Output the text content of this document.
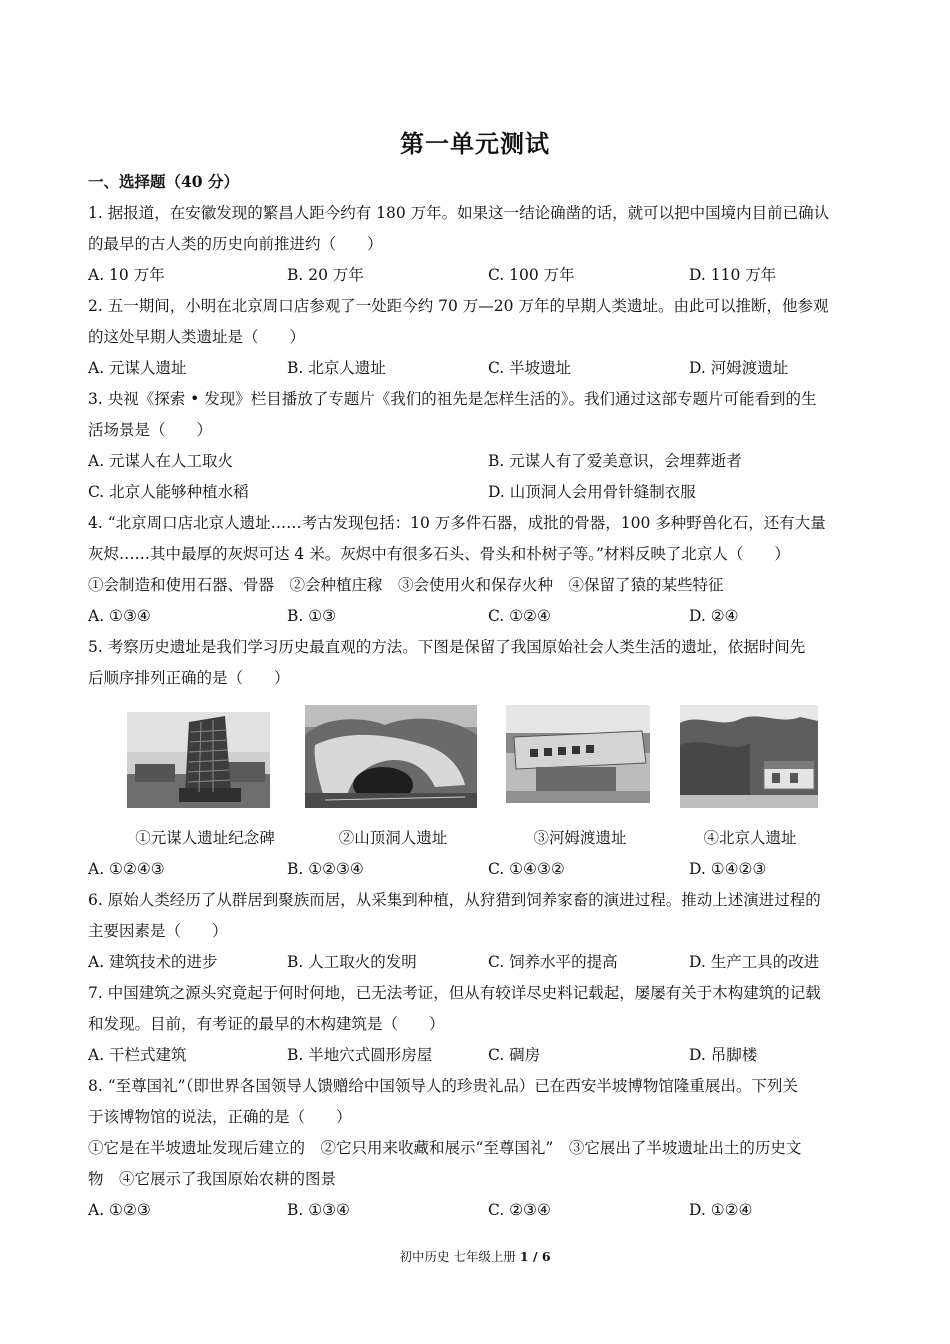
第一单元测试
一、选择题（40 分）
1. 据报道，在安徽发现的繁昌人距今约有 180 万年。如果这一结论确凿的话，就可以把中国境内目前已确认
的最早的古人类的历史向前推进约（　　）
A. 10 万年	B. 20 万年	C. 100 万年	D. 110 万年
2. 五一期间，小明在北京周口店参观了一处距今约 70 万—20 万年的早期人类遗址。由此可以推断，他参观
的这处早期人类遗址是（　　）
A. 元谋人遗址	B. 北京人遗址	C. 半坡遗址	D. 河姆渡遗址
3. 央视《探索 • 发现》栏目播放了专题片《我们的祖先是怎样生活的》。我们通过这部专题片可能看到的生
活场景是（　　）
A. 元谋人在人工取火	B. 元谋人有了爱美意识，会埋葬逝者
C. 北京人能够种植水稻	D. 山顶洞人会用骨针缝制衣服
4. “北京周口店北京人遗址……考古发现包括：10 万多件石器，成批的骨器，100 多种野兽化石，还有大量
灰烬……其中最厚的灰烬可达 4 米。灰烬中有很多石头、骨头和朴树子等。”材料反映了北京人（　　）
①会制造和使用石器、骨器　②会种植庄稼　③会使用火和保存火种　④保留了猿的某些特征
A. ①③④	B. ①③	C. ①②④	D. ②④
5. 考察历史遗址是我们学习历史最直观的方法。下图是保留了我国原始社会人类生活的遗址，依据时间先
后顺序排列正确的是（　　）
①元谋人遗址纪念碑	②山顶洞人遗址	③河姆渡遗址	④北京人遗址
A. ①②④③	B. ①②③④	C. ①④③②	D. ①④②③
6. 原始人类经历了从群居到聚族而居，从采集到种植，从狩猎到饲养家畜的演进过程。推动上述演进过程的
主要因素是（　　）
A. 建筑技术的进步	B. 人工取火的发明	C. 饲养水平的提高	D. 生产工具的改进
7. 中国建筑之源头究竟起于何时何地，已无法考证，但从有较详尽史料记载起，屡屡有关于木构建筑的记载
和发现。目前，有考证的最早的木构建筑是（　　）
A. 干栏式建筑	B. 半地穴式圆形房屋	C. 碉房	D. 吊脚楼
8. “至尊国礼”（即世界各国领导人馈赠给中国领导人的珍贵礼品）已在西安半坡博物馆隆重展出。下列关
于该博物馆的说法，正确的是（　　）
①它是在半坡遗址发现后建立的　②它只用来收藏和展示“至尊国礼”　③它展出了半坡遗址出土的历史文
物　④它展示了我国原始农耕的图景
A. ①②③	B. ①③④	C. ②③④	D. ①②④
初中历史 七年级上册 1 / 6
